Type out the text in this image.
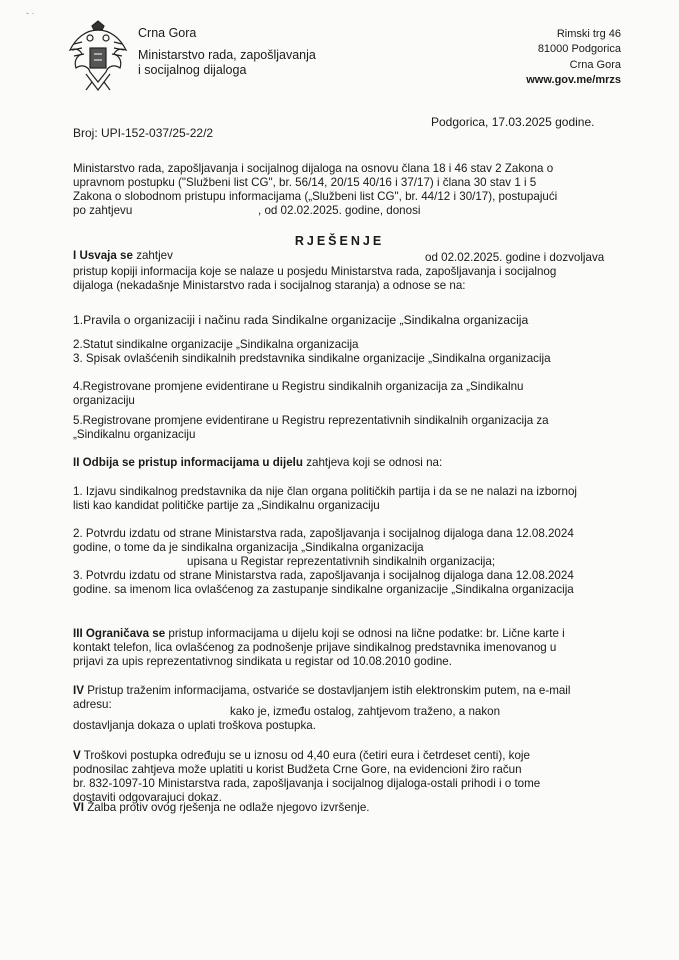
- ·
Crna Gora
Ministarstvo rada, zapošljavanja
i socijalnog dijaloga
Rimski trg 46
81000 Podgorica
Crna Gora
www.gov.me/mrzs
Podgorica, 17.03.2025 godine.
Broj: UPI-152-037/25-22/2
Ministarstvo rada, zapošljavanja i socijalnog dijaloga na osnovu člana 18 i 46 stav 2 Zakona o
upravnom postupku ("Službeni list CG", br. 56/14, 20/15 40/16 i 37/17) i člana 30 stav 1 i 5
Zakona o slobodnom pristupu informacijama („Službeni list CG", br. 44/12 i 30/17), postupajući
po zahtjevu	, od 02.02.2025. godine, donosi
RJEŠENJE
I Usvaja se zahtjev	od 02.02.2025. godine i dozvoljava
pristup kopiji informacija koje se nalaze u posjedu Ministarstva rada, zapošljavanja i socijalnog
dijaloga (nekadašnje Ministarstvo rada i socijalnog staranja) a odnose se na:
1.Pravila o organizaciji i načinu rada Sindikalne organizacije „Sindikalna organizacija
2.Statut sindikalne organizacije „Sindikalna organizacija
3. Spisak ovlašćenih sindikalnih predstavnika sindikalne organizacije „Sindikalna organizacija
4.Registrovane promjene evidentirane u Registru sindikalnih organizacija za „Sindikalnu
organizaciju
5.Registrovane promjene evidentirane u Registru reprezentativnih sindikalnih organizacija za
„Sindikalnu organizaciju
II Odbija se pristup informacijama u dijelu zahtjeva koji se odnosi na:
1. Izjavu sindikalnog predstavnika da nije član organa političkih partija i da se ne nalazi na izbornoj
listi kao kandidat političke partije za „Sindikalnu organizaciju
2. Potvrdu izdatu od strane Ministarstva rada, zapošljavanja i socijalnog dijaloga dana 12.08.2024
godine, o tome da je sindikalna organizacija „Sindikalna organizacija
upisana u Registar reprezentativnih sindikalnih organizacija;
3. Potvrdu izdatu od strane Ministarstva rada, zapošljavanja i socijalnog dijaloga dana 12.08.2024
godine. sa imenom lica ovlašćenog za zastupanje sindikalne organizacije „Sindikalna organizacija
III Ograničava se pristup informacijama u dijelu koji se odnosi na lične podatke: br. Lične karte i
kontakt telefon, lica ovlašćenog za podnošenje prijave sindikalnog predstavnika imenovanog u
prijavi za upis reprezentativnog sindikata u registar od 10.08.2010 godine.
IV Pristup traženim informacijama, ostvariće se dostavljanjem istih elektronskim putem, na e-mail
adresu:
kako je, između ostalog, zahtjevom traženo, a nakon
dostavljanja dokaza o uplati troškova postupka.
V Troškovi postupka određuju se u iznosu od 4,40 eura (četiri eura i četrdeset centi), koje
podnosilac zahtjeva može uplatiti u korist Budžeta Crne Gore, na evidencioni žiro račun
br. 832-1097-10 Ministarstva rada, zapošljavanja i socijalnog dijaloga-ostali prihodi i o tome
dostaviti odgovarajuci dokaz.
VI Žalba protiv ovog rješenja ne odlaže njegovo izvršenje.
